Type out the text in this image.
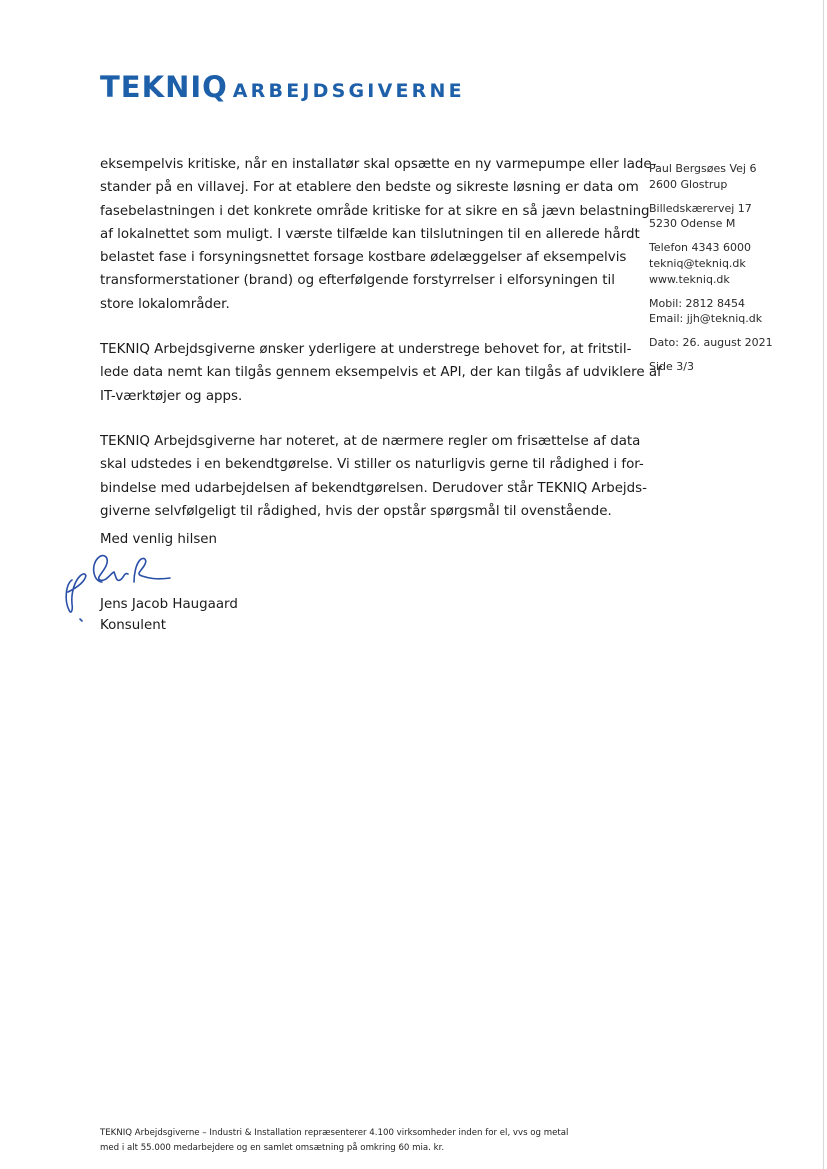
TEKNIQ ARBEJDSGIVERNE
eksempelvis kritiske, når en installatør skal opsætte en ny varmepumpe eller lade-
stander på en villavej. For at etablere den bedste og sikreste løsning er data om
fasebelastningen i det konkrete område kritiske for at sikre en så jævn belastning
af lokalnettet som muligt. I værste tilfælde kan tilslutningen til en allerede hårdt
belastet fase i forsyningsnettet forsage kostbare ødelæggelser af eksempelvis
transformerstationer (brand) og efterfølgende forstyrrelser i elforsyningen til
store lokalområder.
TEKNIQ Arbejdsgiverne ønsker yderligere at understrege behovet for, at fritstil-
lede data nemt kan tilgås gennem eksempelvis et API, der kan tilgås af udviklere af
IT-værktøjer og apps.
TEKNIQ Arbejdsgiverne har noteret, at de nærmere regler om frisættelse af data
skal udstedes i en bekendtgørelse. Vi stiller os naturligvis gerne til rådighed i for-
bindelse med udarbejdelsen af bekendtgørelsen. Derudover står TEKNIQ Arbejds-
giverne selvfølgeligt til rådighed, hvis der opstår spørgsmål til ovenstående.
Med venlig hilsen
Jens Jacob Haugaard
Konsulent
Paul Bergsøes Vej 6
2600 Glostrup
Billedskærervej 17
5230 Odense M
Telefon 4343 6000
tekniq@tekniq.dk
www.tekniq.dk
Mobil: 2812 8454
Email: jjh@tekniq.dk
Dato: 26. august 2021
Side 3/3
TEKNIQ Arbejdsgiverne – Industri & Installation repræsenterer 4.100 virksomheder inden for el, vvs og metal
med i alt 55.000 medarbejdere og en samlet omsætning på omkring 60 mia. kr.
